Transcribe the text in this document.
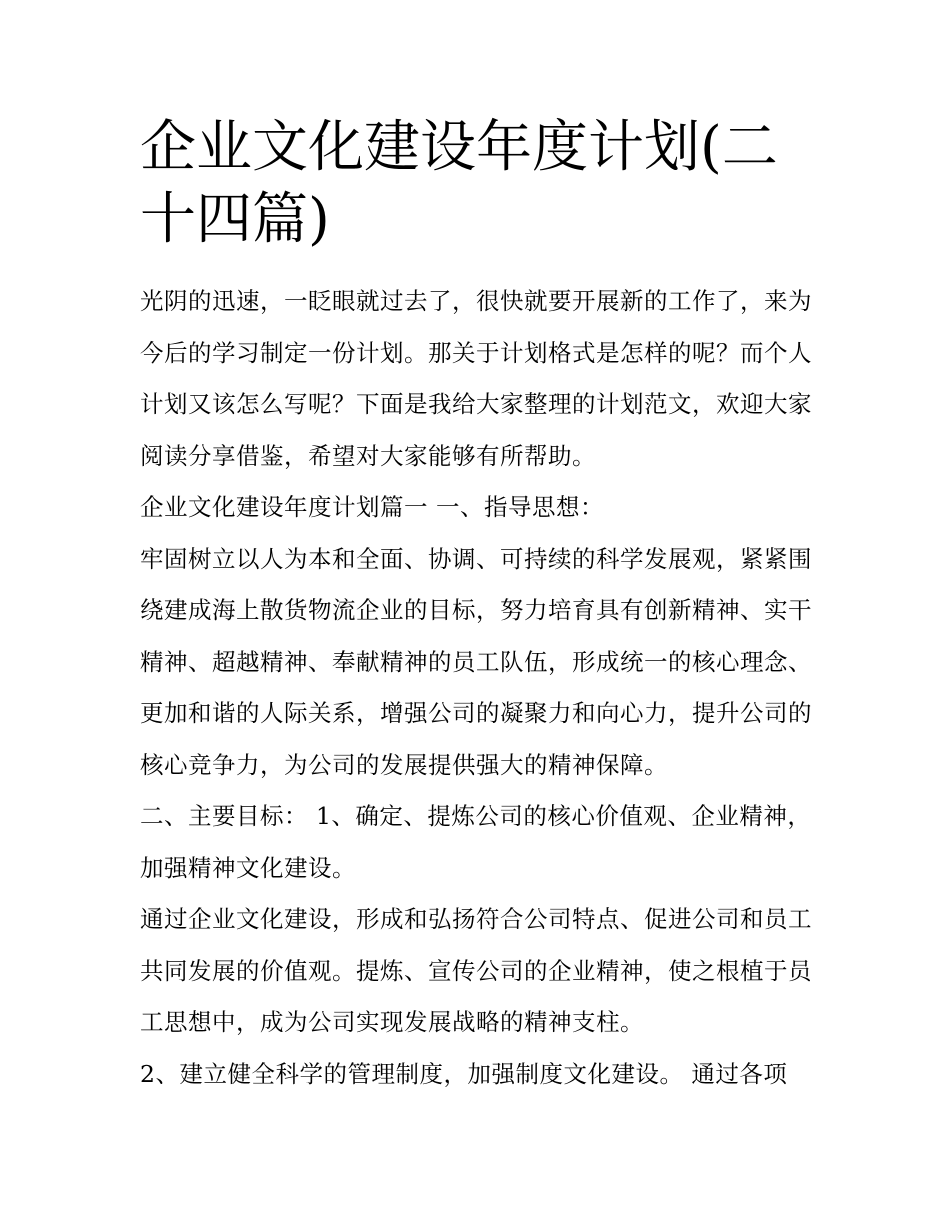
企业文化建设年度计划(二十四篇)

光阴的迅速，一眨眼就过去了，很快就要开展新的工作了，来为今后的学习制定一份计划。那关于计划格式是怎样的呢？而个人计划又该怎么写呢？下面是我给大家整理的计划范文，欢迎大家阅读分享借鉴，希望对大家能够有所帮助。

企业文化建设年度计划篇一 一、指导思想：

牢固树立以人为本和全面、协调、可持续的科学发展观，紧紧围绕建成海上散货物流企业的目标，努力培育具有创新精神、实干精神、超越精神、奉献精神的员工队伍，形成统一的核心理念、更加和谐的人际关系，增强公司的凝聚力和向心力，提升公司的核心竞争力，为公司的发展提供强大的精神保障。

二、主要目标： 1、确定、提炼公司的核心价值观、企业精神，加强精神文化建设。

通过企业文化建设，形成和弘扬符合公司特点、促进公司和员工共同发展的价值观。提炼、宣传公司的企业精神，使之根植于员工思想中，成为公司实现发展战略的精神支柱。

2、建立健全科学的管理制度，加强制度文化建设。 通过各项
